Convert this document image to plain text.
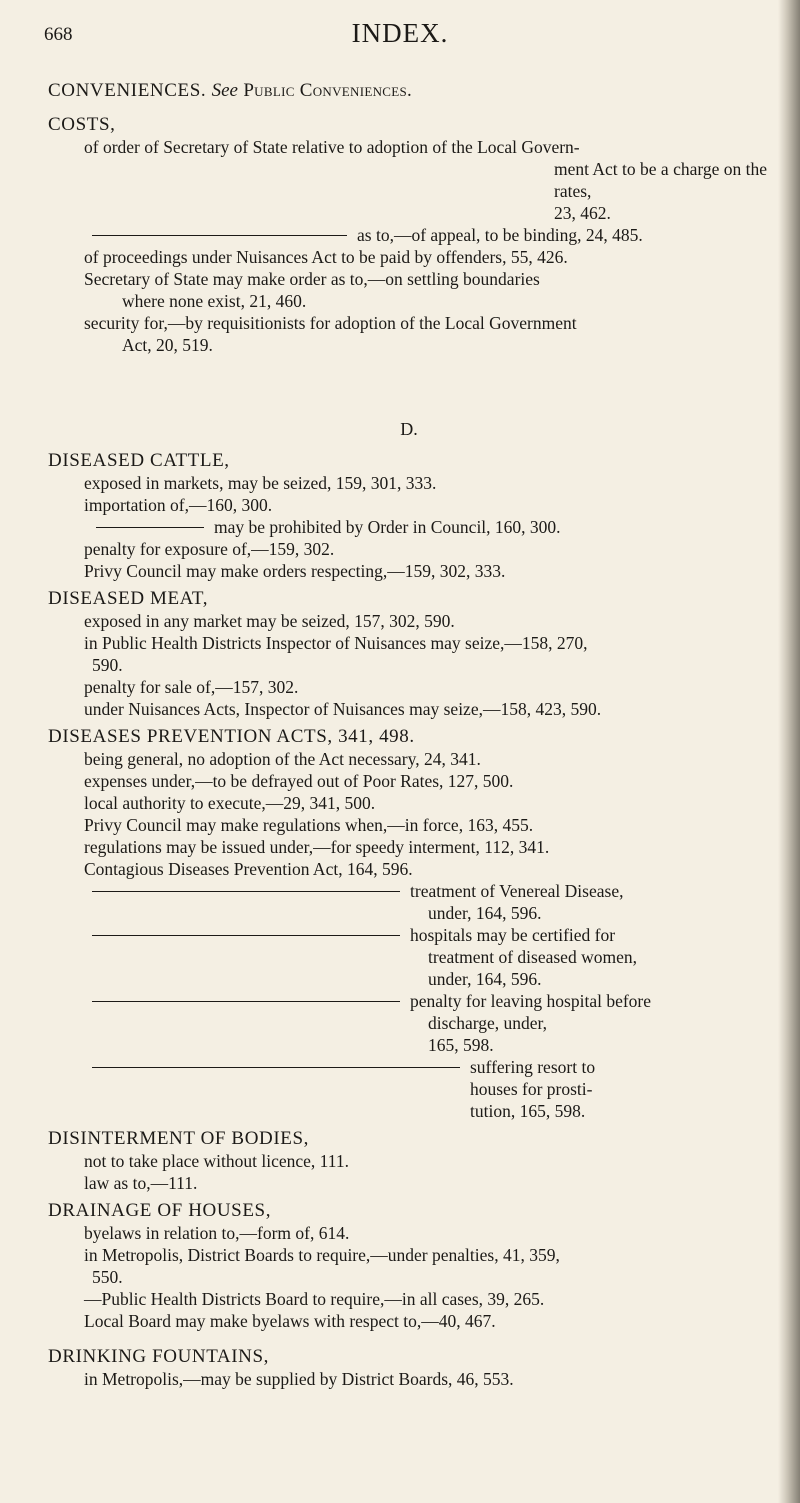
668	INDEX.
CONVENIENCES. See Public Conveniences.
COSTS,
of order of Secretary of State relative to adoption of the Local Govern-
ment Act to be a charge on the rates,
23, 462.
as to,—of appeal, to be binding, 24, 485.
of proceedings under Nuisances Act to be paid by offenders, 55, 426.
Secretary of State may make order as to,—on settling boundaries
where none exist, 21, 460.
security for,—by requisitionists for adoption of the Local Government
Act, 20, 519.
D.
DISEASED CATTLE,
exposed in markets, may be seized, 159, 301, 333.
importation of,—160, 300.
may be prohibited by Order in Council, 160, 300.
penalty for exposure of,—159, 302.
Privy Council may make orders respecting,—159, 302, 333.
DISEASED MEAT,
exposed in any market may be seized, 157, 302, 590.
in Public Health Districts Inspector of Nuisances may seize,—158, 270,
590.
penalty for sale of,—157, 302.
under Nuisances Acts, Inspector of Nuisances may seize,—158, 423, 590.
DISEASES PREVENTION ACTS, 341, 498.
being general, no adoption of the Act necessary, 24, 341.
expenses under,—to be defrayed out of Poor Rates, 127, 500.
local authority to execute,—29, 341, 500.
Privy Council may make regulations when,—in force, 163, 455.
regulations may be issued under,—for speedy interment, 112, 341.
Contagious Diseases Prevention Act, 164, 596.
treatment of Venereal Disease,
under, 164, 596.
hospitals may be certified for
treatment of diseased women,
under, 164, 596.
penalty for leaving hospital before
discharge, under,
165, 598.
suffering resort to
houses for prosti-
tution, 165, 598.
DISINTERMENT OF BODIES,
not to take place without licence, 111.
law as to,—111.
DRAINAGE OF HOUSES,
byelaws in relation to,—form of, 614.
in Metropolis, District Boards to require,—under penalties, 41, 359,
550.
—Public Health Districts Board to require,—in all cases, 39, 265.
Local Board may make byelaws with respect to,—40, 467.
DRINKING FOUNTAINS,
in Metropolis,—may be supplied by District Boards, 46, 553.
